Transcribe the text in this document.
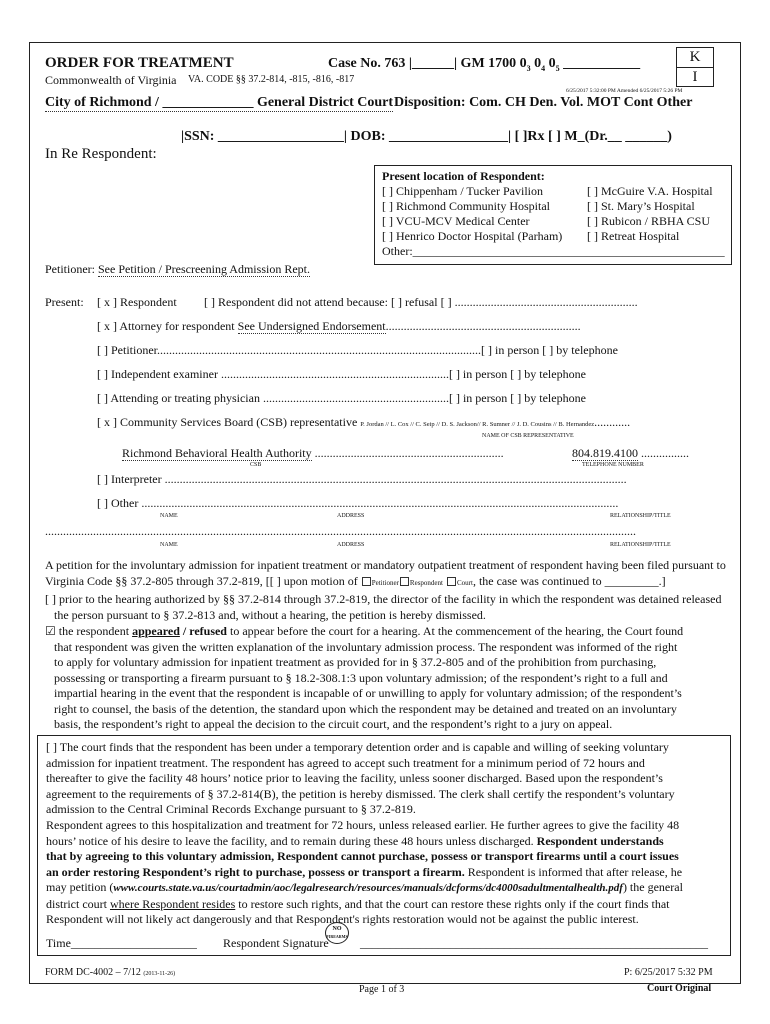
ORDER FOR TREATMENT	Case No. 763 |______| GM 1700 $0_3$ $0_4$ $0_5$ ___________
Commonwealth of Virginia VA. CODE §§ 37.2-814, -815, -816, -817
K
I
6/25/2017 5:32:00 PM Amended 6/25/2017 5:26 PM
City of Richmond / _____________ General District Court Disposition: Com. CH Den. Vol. MOT Cont Other
|SSN: __________________| DOB: _________________| [ ]Rx [ ] M_(Dr.__ ______)
In Re Respondent:
Present location of Respondent:
[ ] Chippenham / Tucker Pavilion
[ ] Richmond Community Hospital
[ ] VCU-MCV Medical Center
[ ] Henrico Doctor Hospital (Parham)
[ ] McGuire V.A. Hospital
[ ] St. Mary’s Hospital
[ ] Rubicon / RBHA CSU
[ ] Retreat Hospital
Other:____________________________________________________
Petitioner: See Petition / Prescreening Admission Rept.
Present: [ x ] Respondent [ ] Respondent did not attend because: [ ] refusal [ ] .............................................................
[ x ] Attorney for respondent See Undersigned Endorsement.................................................................
[ ] Petitioner............................................................................................................[ ] in person [ ] by telephone
[ ] Independent examiner ............................................................................[ ] in person [ ] by telephone
[ ] Attending or treating physician ..............................................................[ ] in person [ ] by telephone
[ x ] Community Services Board (CSB) representative P. Jordan // L. Cox // C. Seip // D. S. Jackson// R. Sumner // J. D. Cousins // B. Hernandez............
NAME OF CSB REPRESENTATIVE
Richmond Behavioral Health Authority ...............................................................	804.819.4100 ................
CSB	TELEPHONE NUMBER
[ ] Interpreter ..........................................................................................................................................................
[ ] Other ...............................................................................................................................................................
NAME	ADDRESS	RELATIONSHIP/TITLE
.....................................................................................................................................................................................................
NAME	ADDRESS	RELATIONSHIP/TITLE
A petition for the involuntary admission for inpatient treatment or mandatory outpatient treatment of respondent having been filed pursuant to
Virginia Code §§ 37.2-805 through 37.2-819, [[ ] upon motion of Petitioner Respondent Court, the case was continued to _________.]
[ ] prior to the hearing authorized by §§ 37.2-814 through 37.2-819, the director of the facility in which the respondent was detained released
the person pursuant to § 37.2-813 and, without a hearing, the petition is hereby dismissed.
☑ the respondent appeared / refused to appear before the court for a hearing. At the commencement of the hearing, the Court found
that respondent was given the written explanation of the involuntary admission process. The respondent was informed of the right
to apply for voluntary admission for inpatient treatment as provided for in § 37.2-805 and of the prohibition from purchasing,
possessing or transporting a firearm pursuant to § 18.2-308.1:3 upon voluntary admission; of the respondent’s right to a full and
impartial hearing in the event that the respondent is incapable of or unwilling to apply for voluntary admission; of the respondent’s
right to counsel, the basis of the detention, the standard upon which the respondent may be detained and treated on an involuntary
basis, the respondent’s right to appeal the decision to the circuit court, and the respondent’s right to a jury on appeal.
[ ] The court finds that the respondent has been under a temporary detention order and is capable and willing of seeking voluntary
admission for inpatient treatment. The respondent has agreed to accept such treatment for a minimum period of 72 hours and
thereafter to give the facility 48 hours’ notice prior to leaving the facility, unless sooner discharged. Based upon the respondent’s
agreement to the requirements of § 37.2-814(B), the petition is hereby dismissed. The clerk shall certify the respondent’s voluntary
admission to the Central Criminal Records Exchange pursuant to § 37.2-819.
Respondent agrees to this hospitalization and treatment for 72 hours, unless released earlier. He further agrees to give the facility 48
hours’ notice of his desire to leave the facility, and to remain during these 48 hours unless discharged. Respondent understands
that by agreeing to this voluntary admission, Respondent cannot purchase, possess or transport firearms until a court issues
an order restoring Respondent’s right to purchase, possess or transport a firearm. Respondent is informed that after release, he
may petition (www.courts.state.va.us/courtadmin/aoc/legalresearch/resources/manuals/dcforms/dc4000sadultmentalhealth.pdf) the general
district court where Respondent resides to restore such rights, and that the court can restore these rights only if the court finds that
Respondent will not likely act dangerously and that Respondent's rights restoration would not be against the public interest.
Time_____________________ Respondent Signature	__________________________________________________________
NO
FIREARMS
FORM DC-4002 – 7/12 (2013-11-26)	P: 6/25/2017 5:32 PM
Page 1 of 3	Court Original
